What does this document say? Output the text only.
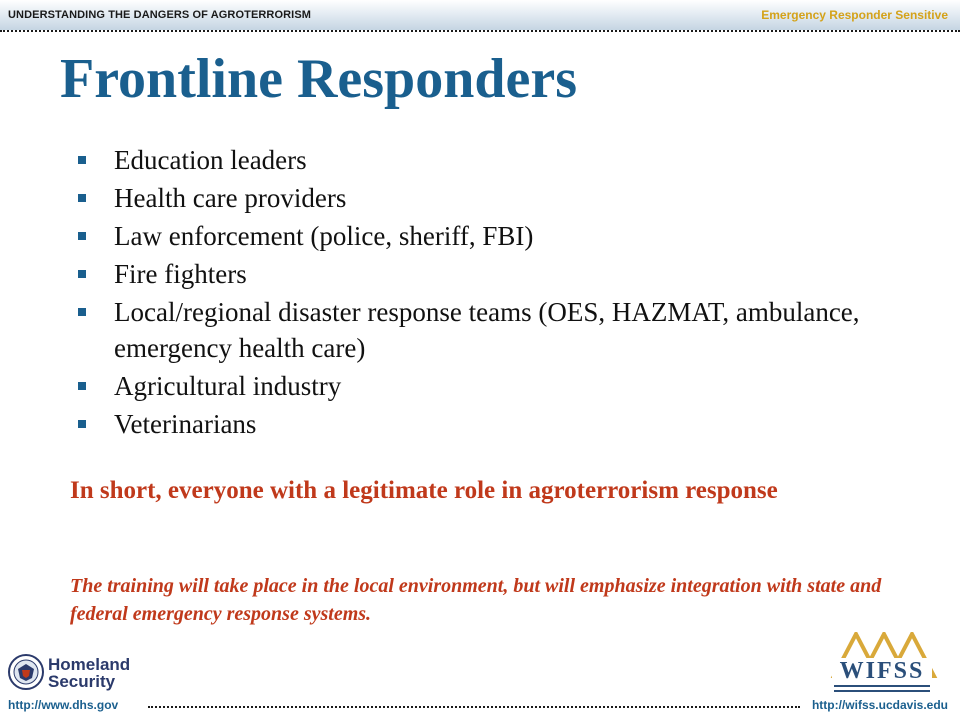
UNDERSTANDING THE DANGERS OF AGROTERRORISM	Emergency Responder Sensitive
Frontline Responders
Education leaders
Health care providers
Law enforcement (police, sheriff, FBI)
Fire fighters
Local/regional disaster response teams (OES, HAZMAT, ambulance, emergency health care)
Agricultural industry
Veterinarians
In short, everyone with a legitimate role in agroterrorism response
The training will take place in the local environment, but will emphasize integration with state and federal emergency response systems.
Homeland
Security	WIFSS
http://www.dhs.gov	http://wifss.ucdavis.edu
